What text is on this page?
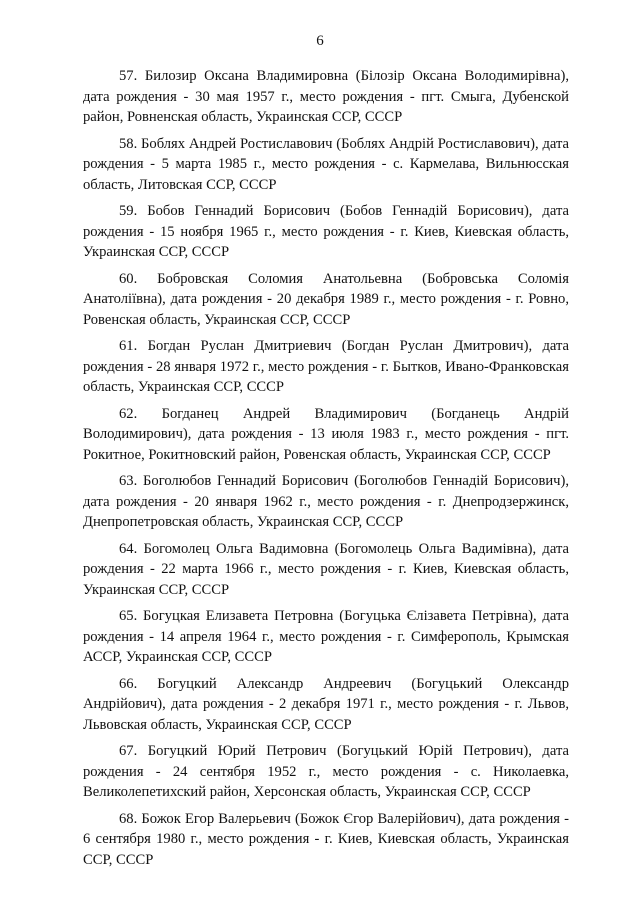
6
57. Билозир Оксана Владимировна (Білозір Оксана Володимирівна), дата рождения - 30 мая 1957 г., место рождения - пгт. Смыга, Дубенской район, Ровненская область, Украинская ССР, СССР
58. Боблях Андрей Ростиславович (Боблях Андрій Ростиславович), дата рождения - 5 марта 1985 г., место рождения - с. Кармелава, Вильнюсская область, Литовская ССР, СССР
59. Бобов Геннадий Борисович (Бобов Геннадій Борисович), дата рождения - 15 ноября 1965 г., место рождения - г. Киев, Киевская область, Украинская ССР, СССР
60. Бобровская Соломия Анатольевна (Бобровська Соломія Анатоліївна), дата рождения - 20 декабря 1989 г., место рождения - г. Ровно, Ровенская область, Украинская ССР, СССР
61. Богдан Руслан Дмитриевич (Богдан Руслан Дмитрович), дата рождения - 28 января 1972 г., место рождения - г. Бытков, Ивано-Франковская область, Украинская ССР, СССР
62. Богданец Андрей Владимирович (Богданець Андрій Володимирович), дата рождения - 13 июля 1983 г., место рождения - пгт. Рокитное, Рокитновский район, Ровенская область, Украинская ССР, СССР
63. Боголюбов Геннадий Борисович (Боголюбов Геннадій Борисович), дата рождения - 20 января 1962 г., место рождения - г. Днепродзержинск, Днепропетровская область, Украинская ССР, СССР
64. Богомолец Ольга Вадимовна (Богомолець Ольга Вадимівна), дата рождения - 22 марта 1966 г., место рождения - г. Киев, Киевская область, Украинская ССР, СССР
65. Богуцкая Елизавета Петровна (Богуцька Єлізавета Петрівна), дата рождения - 14 апреля 1964 г., место рождения - г. Симферополь, Крымская АССР, Украинская ССР, СССР
66. Богуцкий Александр Андреевич (Богуцький Олександр Андрійович), дата рождения - 2 декабря 1971 г., место рождения - г. Львов, Львовская область, Украинская ССР, СССР
67. Богуцкий Юрий Петрович (Богуцький Юрій Петрович), дата рождения - 24 сентября 1952 г., место рождения - с. Николаевка, Великолепетихский район, Херсонская область, Украинская ССР, СССР
68. Божок Егор Валерьевич (Божок Єгор Валерійович), дата рождения - 6 сентября 1980 г., место рождения - г. Киев, Киевская область, Украинская ССР, СССР
